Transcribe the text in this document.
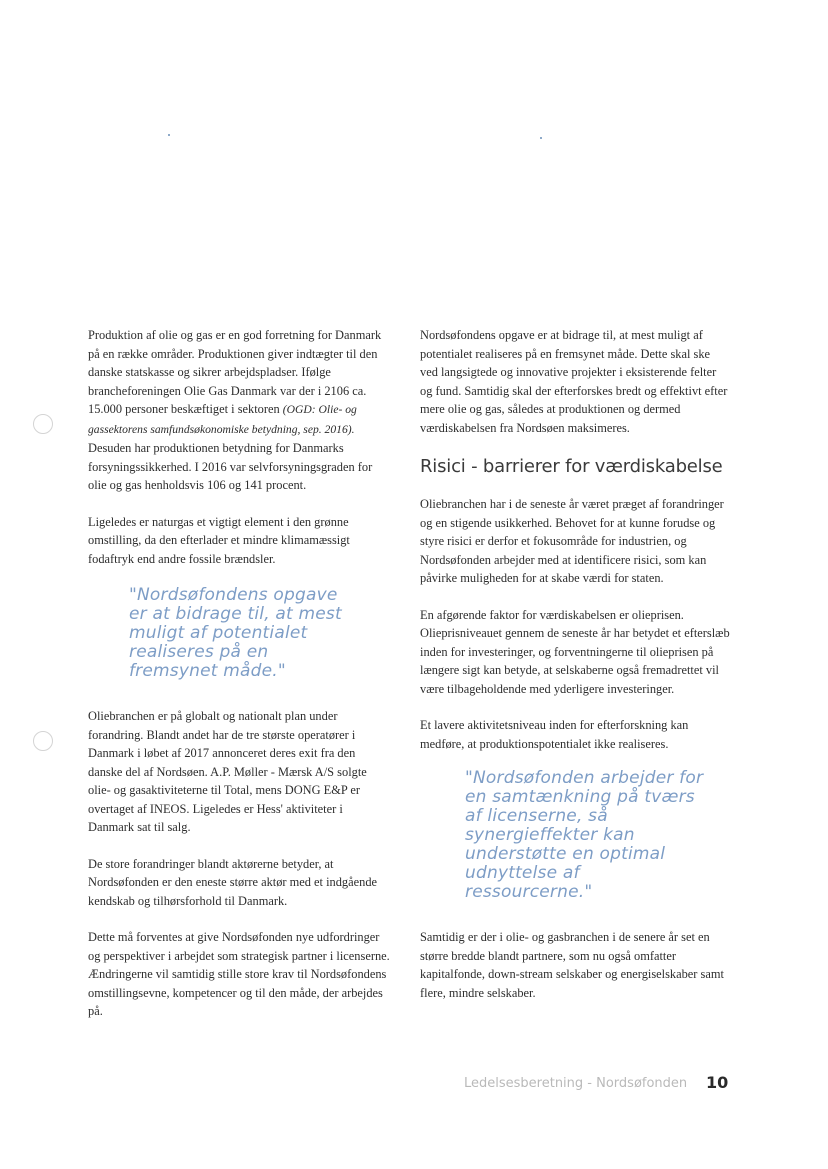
Produktion af olie og gas er en god forretning for Danmark på en række områder. Produktionen giver indtægter til den danske statskasse og sikrer arbejdspladser. Ifølge brancheforeningen Olie Gas Danmark var der i 2106 ca. 15.000 personer beskæftiget i sektoren (OGD: Olie- og gassektorens samfundsøkonomiske betydning, sep. 2016). Desuden har produktionen betydning for Danmarks forsyningssikkerhed. I 2016 var selvforsyningsgraden for olie og gas henholdsvis 106 og 141 procent.

Ligeledes er naturgas et vigtigt element i den grønne omstilling, da den efterlader et mindre klimamæssigt fodaftryk end andre fossile brændsler.

"Nordsøfondens opgave er at bidrage til, at mest muligt af potentialet realiseres på en fremsynet måde."

Oliebranchen er på globalt og nationalt plan under forandring. Blandt andet har de tre største operatører i Danmark i løbet af 2017 annonceret deres exit fra den danske del af Nordsøen. A.P. Møller - Mærsk A/S solgte olie- og gasaktiviteterne til Total, mens DONG E&P er overtaget af INEOS. Ligeledes er Hess' aktiviteter i Danmark sat til salg.

De store forandringer blandt aktørerne betyder, at Nordsøfonden er den eneste større aktør med et indgående kendskab og tilhørsforhold til Danmark.

Dette må forventes at give Nordsøfonden nye udfordringer og perspektiver i arbejdet som strategisk partner i licenserne. Ændringerne vil samtidig stille store krav til Nordsøfondens omstillingsevne, kompetencer og til den måde, der arbejdes på.

Nordsøfondens opgave er at bidrage til, at mest muligt af potentialet realiseres på en fremsynet måde. Dette skal ske ved langsigtede og innovative projekter i eksisterende felter og fund. Samtidig skal der efterforskes bredt og effektivt efter mere olie og gas, således at produktionen og dermed værdiskabelsen fra Nordsøen maksimeres.

Risici - barrierer for værdiskabelse

Oliebranchen har i de seneste år været præget af forandringer og en stigende usikkerhed. Behovet for at kunne forudse og styre risici er derfor et fokusområde for industrien, og Nordsøfonden arbejder med at identificere risici, som kan påvirke muligheden for at skabe værdi for staten.

En afgørende faktor for værdiskabelsen er olieprisen. Olieprisniveauet gennem de seneste år har betydet et efterslæb inden for investeringer, og forventningerne til olieprisen på længere sigt kan betyde, at selskaberne også fremadrettet vil være tilbageholdende med yderligere investeringer.

Et lavere aktivitetsniveau inden for efterforskning kan medføre, at produktionspotentialet ikke realiseres.

"Nordsøfonden arbejder for en samtænkning på tværs af licenserne, så synergieffekter kan understøtte en optimal udnyttelse af ressourcerne."

Samtidig er der i olie- og gasbranchen i de senere år set en større bredde blandt partnere, som nu også omfatter kapitalfonde, down-stream selskaber og energiselskaber samt flere, mindre selskaber.

Ledelsesberetning - Nordsøfonden 10
